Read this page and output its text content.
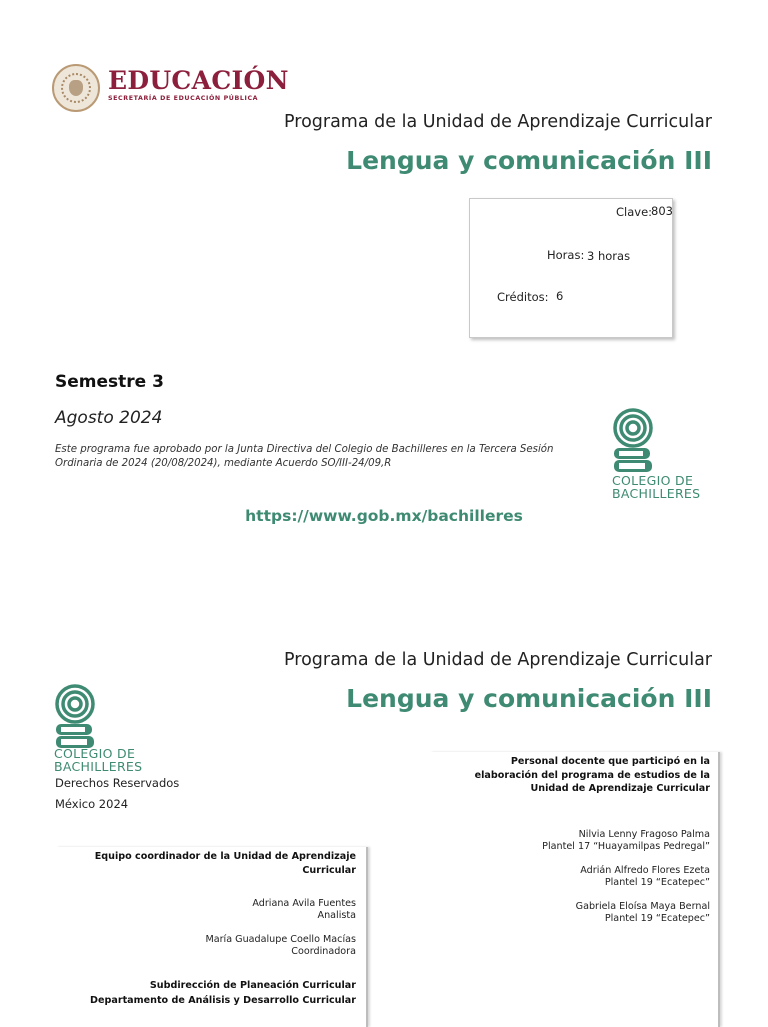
EDUCACIÓN
SECRETARÍA DE EDUCACIÓN PÚBLICA
Programa de la Unidad de Aprendizaje Curricular
Lengua y comunicación III
Clave:
803
Horas: 3 horas
Créditos: 6
Semestre 3
Agosto 2024
Este programa fue aprobado por la Junta Directiva del Colegio de Bachilleres en la Tercera Sesión
Ordinaria de 2024 (20/08/2024), mediante Acuerdo SO/III-24/09,R
COLEGIO DE
BACHILLERES
https://www.gob.mx/bachilleres
Programa de la Unidad de Aprendizaje Curricular
Lengua y comunicación III
COLEGIO DE
BACHILLERES
Derechos Reservados
México 2024
Personal docente que participó en la
elaboración del programa de estudios de la
Unidad de Aprendizaje Curricular
Nilvia Lenny Fragoso Palma
Plantel 17 “Huayamilpas Pedregal”
Adrián Alfredo Flores Ezeta
Plantel 19 “Ecatepec”
Gabriela Eloísa Maya Bernal
Plantel 19 “Ecatepec”
Equipo coordinador de la Unidad de Aprendizaje
Curricular
Adriana Avila Fuentes
Analista
María Guadalupe Coello Macías
Coordinadora
Subdirección de Planeación Curricular
Departamento de Análisis y Desarrollo Curricular
